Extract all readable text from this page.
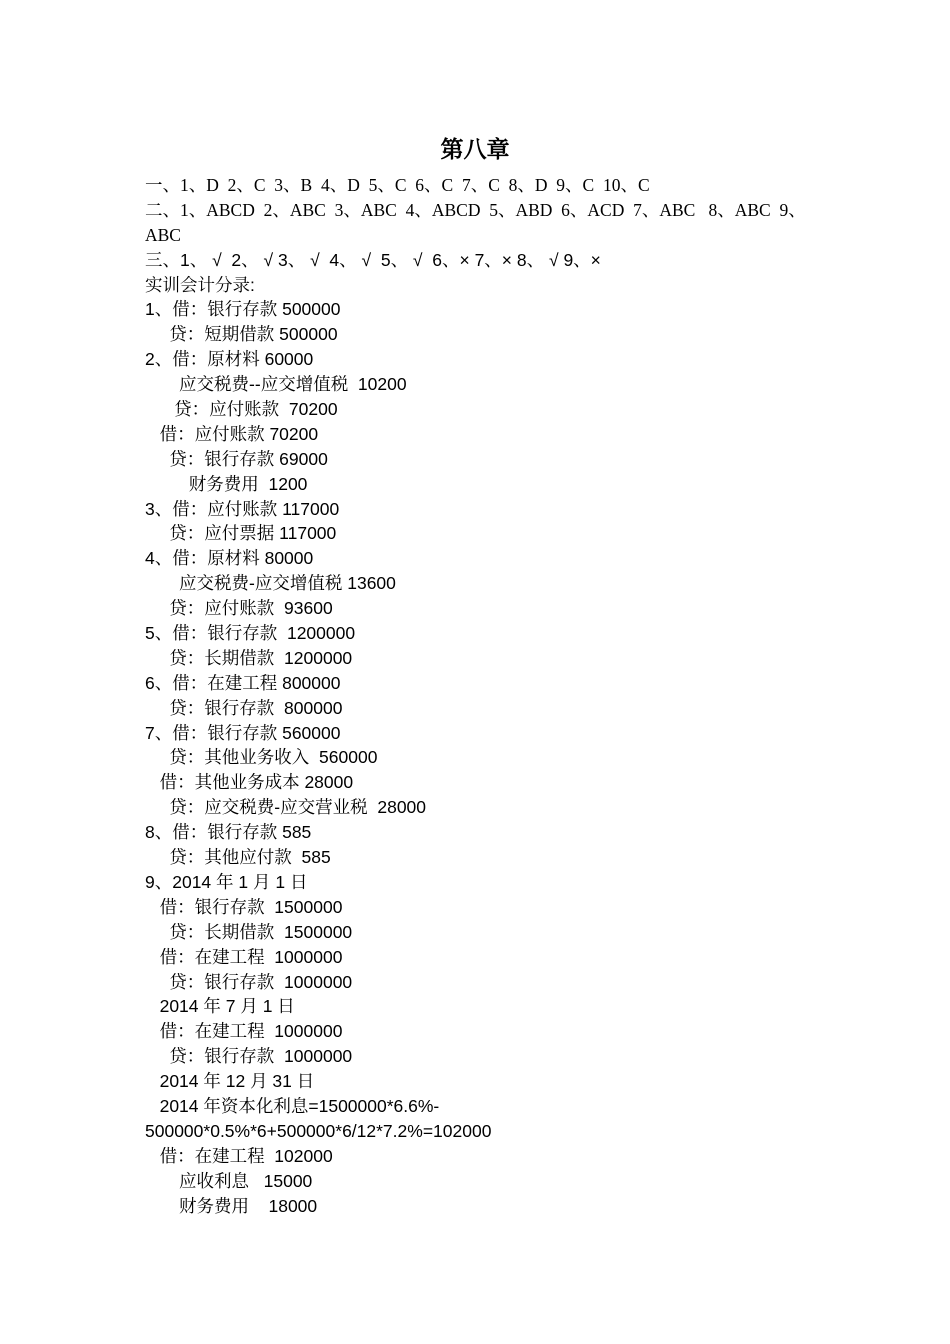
第八章
一、1、D  2、C  3、B  4、D  5、C  6、C  7、C  8、D  9、C  10、C
二、1、ABCD  2、ABC  3、ABC  4、ABCD  5、ABD  6、ACD  7、ABC   8、ABC  9、
ABC
三、1、 √  2、 √ 3、 √  4、 √  5、 √  6、× 7、× 8、 √ 9、×
实训会计分录:
1、借：银行存款 500000
贷：短期借款 500000
2、借：原材料 60000
应交税费--应交增值税  10200
贷：应付账款  70200
借：应付账款 70200
贷：银行存款 69000
财务费用  1200
3、借：应付账款 117000
贷：应付票据 117000
4、借：原材料 80000
应交税费-应交增值税 13600
贷：应付账款  93600
5、借：银行存款  1200000
贷：长期借款  1200000
6、借：在建工程 800000
贷：银行存款  800000
7、借：银行存款 560000
贷：其他业务收入  560000
借：其他业务成本 28000
贷：应交税费-应交营业税  28000
8、借：银行存款 585
贷：其他应付款  585
9、2014 年 1 月 1 日
借：银行存款  1500000
贷：长期借款  1500000
借：在建工程  1000000
贷：银行存款  1000000
2014 年 7 月 1 日
借：在建工程  1000000
贷：银行存款  1000000
2014 年 12 月 31 日
2014 年资本化利息=1500000*6.6%-
500000*0.5%*6+500000*6/12*7.2%=102000
借：在建工程  102000
应收利息   15000
财务费用    18000
